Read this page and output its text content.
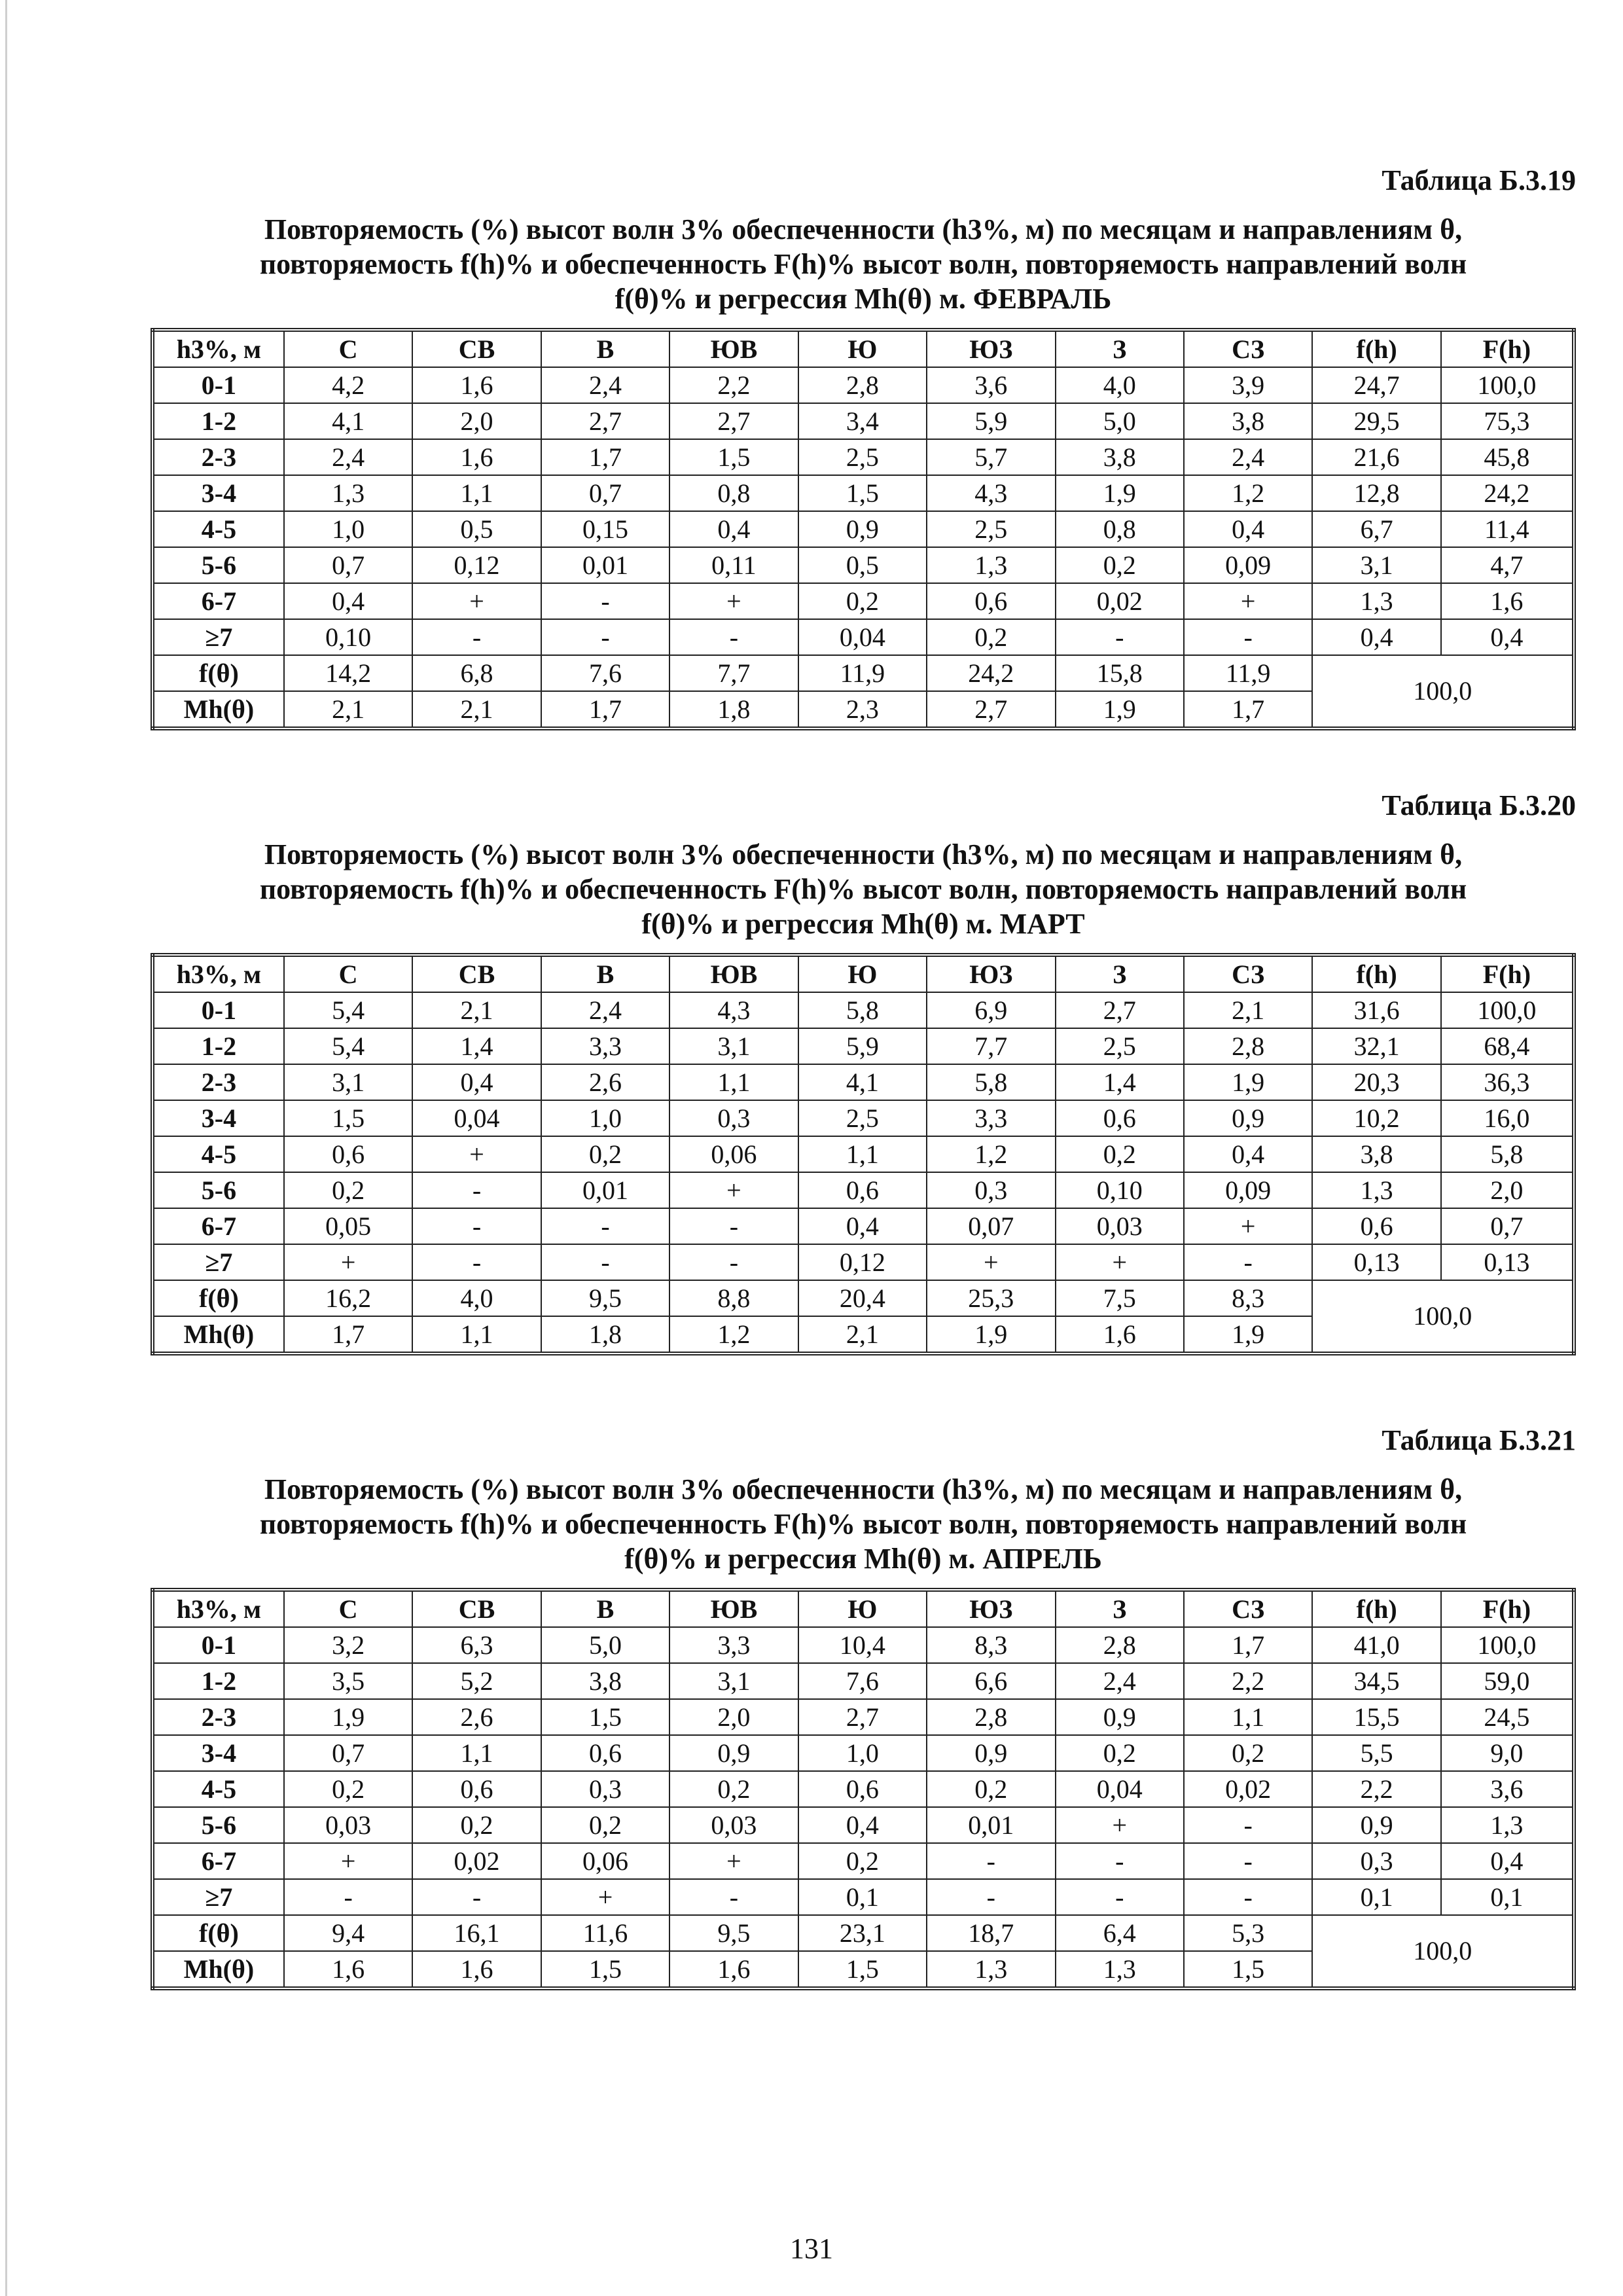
Таблица Б.3.19
Повторяемость (%) высот волн 3% обеспеченности (h3%, м) по месяцам и направлениям θ,
повторяемость f(h)% и обеспеченность F(h)% высот волн, повторяемость направлений волн
f(θ)% и регрессия Mh(θ) м. ФЕВРАЛЬ
h3%, м	С	СВ	В	ЮВ	Ю	ЮЗ	З	СЗ	f(h)	F(h)
0-1	4,2	1,6	2,4	2,2	2,8	3,6	4,0	3,9	24,7	100,0
1-2	4,1	2,0	2,7	2,7	3,4	5,9	5,0	3,8	29,5	75,3
2-3	2,4	1,6	1,7	1,5	2,5	5,7	3,8	2,4	21,6	45,8
3-4	1,3	1,1	0,7	0,8	1,5	4,3	1,9	1,2	12,8	24,2
4-5	1,0	0,5	0,15	0,4	0,9	2,5	0,8	0,4	6,7	11,4
5-6	0,7	0,12	0,01	0,11	0,5	1,3	0,2	0,09	3,1	4,7
6-7	0,4	+	-	+	0,2	0,6	0,02	+	1,3	1,6
≥7	0,10	-	-	-	0,04	0,2	-	-	0,4	0,4
f(θ)	14,2	6,8	7,6	7,7	11,9	24,2	15,8	11,9	100,0	
Mh(θ)	2,1	2,1	1,7	1,8	2,3	2,7	1,9	1,7		
Таблица Б.3.20
Повторяемость (%) высот волн 3% обеспеченности (h3%, м) по месяцам и направлениям θ,
повторяемость f(h)% и обеспеченность F(h)% высот волн, повторяемость направлений волн
f(θ)% и регрессия Mh(θ) м. МАРТ
h3%, м	С	СВ	В	ЮВ	Ю	ЮЗ	З	СЗ	f(h)	F(h)
0-1	5,4	2,1	2,4	4,3	5,8	6,9	2,7	2,1	31,6	100,0
1-2	5,4	1,4	3,3	3,1	5,9	7,7	2,5	2,8	32,1	68,4
2-3	3,1	0,4	2,6	1,1	4,1	5,8	1,4	1,9	20,3	36,3
3-4	1,5	0,04	1,0	0,3	2,5	3,3	0,6	0,9	10,2	16,0
4-5	0,6	+	0,2	0,06	1,1	1,2	0,2	0,4	3,8	5,8
5-6	0,2	-	0,01	+	0,6	0,3	0,10	0,09	1,3	2,0
6-7	0,05	-	-	-	0,4	0,07	0,03	+	0,6	0,7
≥7	+	-	-	-	0,12	+	+	-	0,13	0,13
f(θ)	16,2	4,0	9,5	8,8	20,4	25,3	7,5	8,3	100,0	
Mh(θ)	1,7	1,1	1,8	1,2	2,1	1,9	1,6	1,9		
Таблица Б.3.21
Повторяемость (%) высот волн 3% обеспеченности (h3%, м) по месяцам и направлениям θ,
повторяемость f(h)% и обеспеченность F(h)% высот волн, повторяемость направлений волн
f(θ)% и регрессия Mh(θ) м. АПРЕЛЬ
h3%, м	С	СВ	В	ЮВ	Ю	ЮЗ	З	СЗ	f(h)	F(h)
0-1	3,2	6,3	5,0	3,3	10,4	8,3	2,8	1,7	41,0	100,0
1-2	3,5	5,2	3,8	3,1	7,6	6,6	2,4	2,2	34,5	59,0
2-3	1,9	2,6	1,5	2,0	2,7	2,8	0,9	1,1	15,5	24,5
3-4	0,7	1,1	0,6	0,9	1,0	0,9	0,2	0,2	5,5	9,0
4-5	0,2	0,6	0,3	0,2	0,6	0,2	0,04	0,02	2,2	3,6
5-6	0,03	0,2	0,2	0,03	0,4	0,01	+	-	0,9	1,3
6-7	+	0,02	0,06	+	0,2	-	-	-	0,3	0,4
≥7	-	-	+	-	0,1	-	-	-	0,1	0,1
f(θ)	9,4	16,1	11,6	9,5	23,1	18,7	6,4	5,3	100,0	
Mh(θ)	1,6	1,6	1,5	1,6	1,5	1,3	1,3	1,5		
131
